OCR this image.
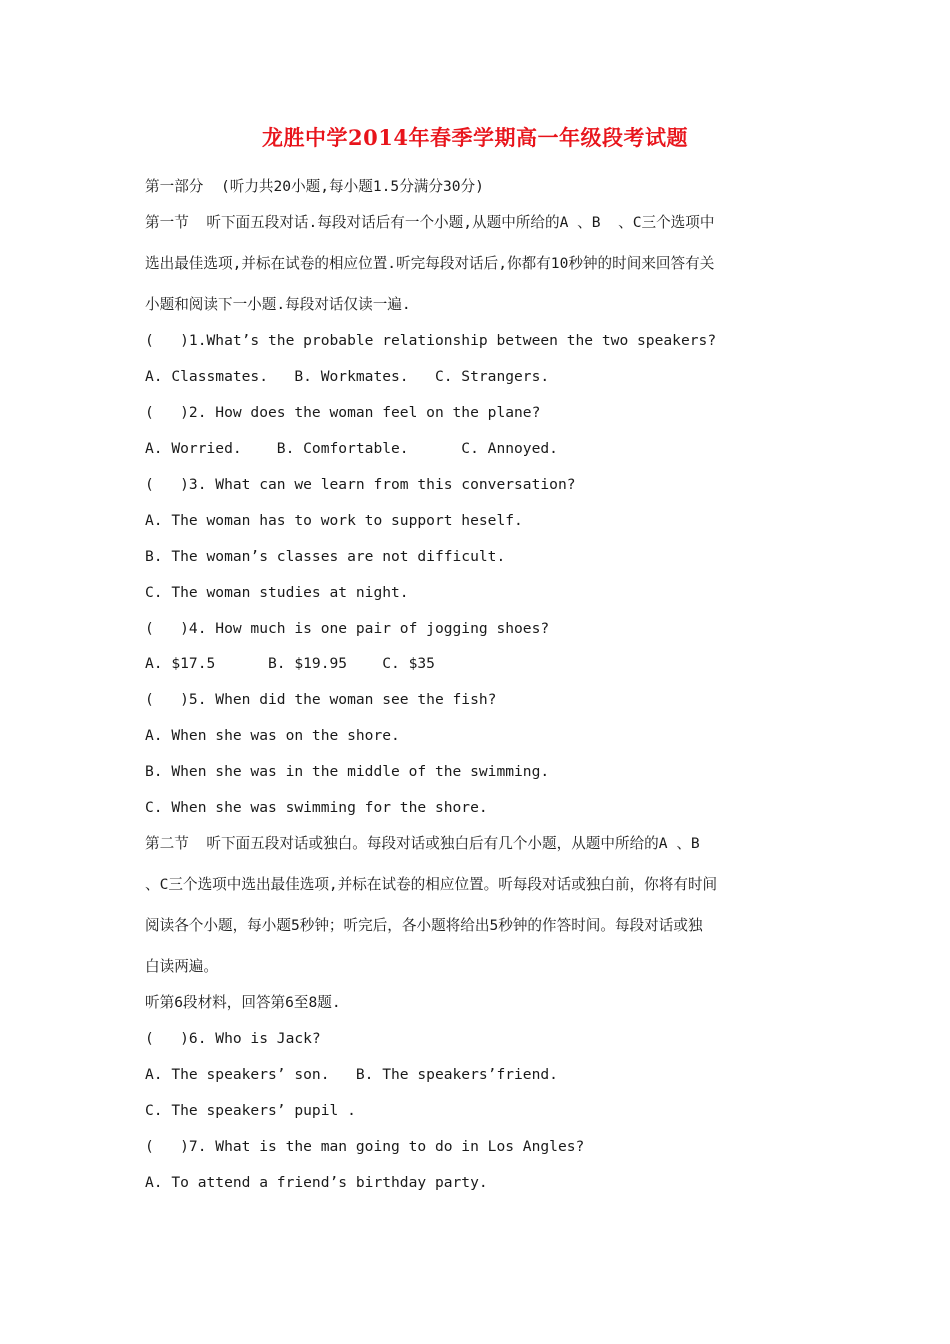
龙胜中学2014年春季学期高一年级段考试题
第一部分  (听力共20小题,每小题1.5分满分30分)
第一节  听下面五段对话.每段对话后有一个小题,从题中所给的A 、B  、C三个选项中
选出最佳选项,并标在试卷的相应位置.听完每段对话后,你都有10秒钟的时间来回答有关
小题和阅读下一小题.每段对话仅读一遍.
(   )1.What’s the probable relationship between the two speakers?
A. Classmates.   B. Workmates.   C. Strangers.
(   )2. How does the woman feel on the plane?
A. Worried.    B. Comfortable.      C. Annoyed.
(   )3. What can we learn from this conversation?
A. The woman has to work to support heself.
B. The woman’s classes are not difficult.
C. The woman studies at night.
(   )4. How much is one pair of jogging shoes?
A. $17.5      B. $19.95    C. $35
(   )5. When did the woman see the fish?
A. When she was on the shore.
B. When she was in the middle of the swimming.
C. When she was swimming for the shore.
第二节  听下面五段对话或独白。每段对话或独白后有几个小题，从题中所给的A 、B
、C三个选项中选出最佳选项,并标在试卷的相应位置。听每段对话或独白前，你将有时间
阅读各个小题，每小题5秒钟；听完后，各小题将给出5秒钟的作答时间。每段对话或独
白读两遍。
听第6段材料，回答第6至8题.
(   )6. Who is Jack?
A. The speakers’ son.   B. The speakers’friend.
C. The speakers’ pupil .
(   )7. What is the man going to do in Los Angles?
A. To attend a friend’s birthday party.
